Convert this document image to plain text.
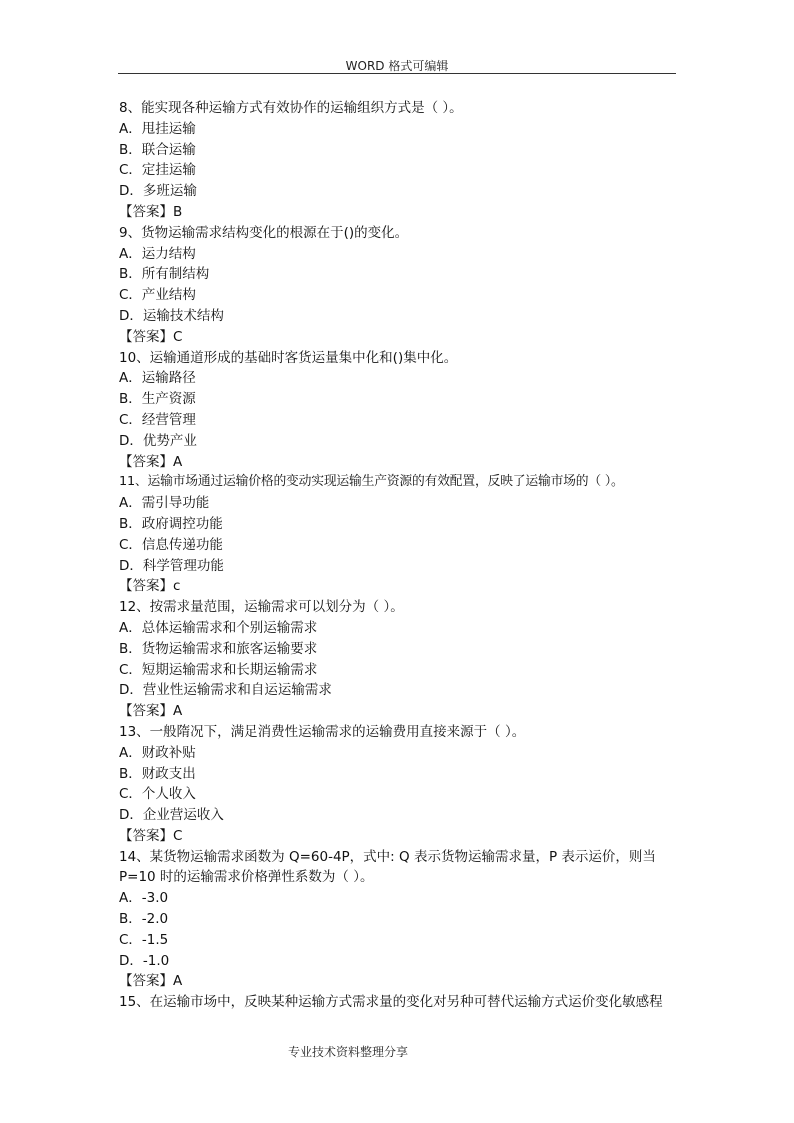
WORD 格式可编辑
8、能实现各种运输方式有效协作的运输组织方式是（ ）。
A．甩挂运输
B．联合运输
C．定挂运输
D．多班运输
【答案】B
9、货物运输需求结构变化的根源在于()的变化。
A．运力结构
B．所有制结构
C．产业结构
D．运输技术结构
【答案】C
10、运输通道形成的基础时客货运量集中化和()集中化。
A．运输路径
B．生产资源
C．经营管理
D．优势产业
【答案】A
11、运输市场通过运输价格的变动实现运输生产资源的有效配置，反映了运输市场的（ ）。
A．需引导功能
B．政府调控功能
C．信息传递功能
D．科学管理功能
【答案】c
12、按需求量范围，运输需求可以划分为（ ）。
A．总体运输需求和个别运输需求
B．货物运输需求和旅客运输要求
C．短期运输需求和长期运输需求
D．营业性运输需求和自运运输需求
【答案】A
13、一般隋况下，满足消费性运输需求的运输费用直接来源于（ ）。
A．财政补贴
B．财政支出
C．个人收入
D．企业营运收入
【答案】C
14、某货物运输需求函数为 Q=60-4P，式中: Q 表示货物运输需求量，P 表示运价，则当 P=10 时的运输需求价格弹性系数为（ ）。
A．-3.0
B．-2.0
C．-1.5
D．-1.0
【答案】A
15、在运输市场中，反映某种运输方式需求量的变化对另种可替代运输方式运价变化敏感程
专业技术资料整理分享
